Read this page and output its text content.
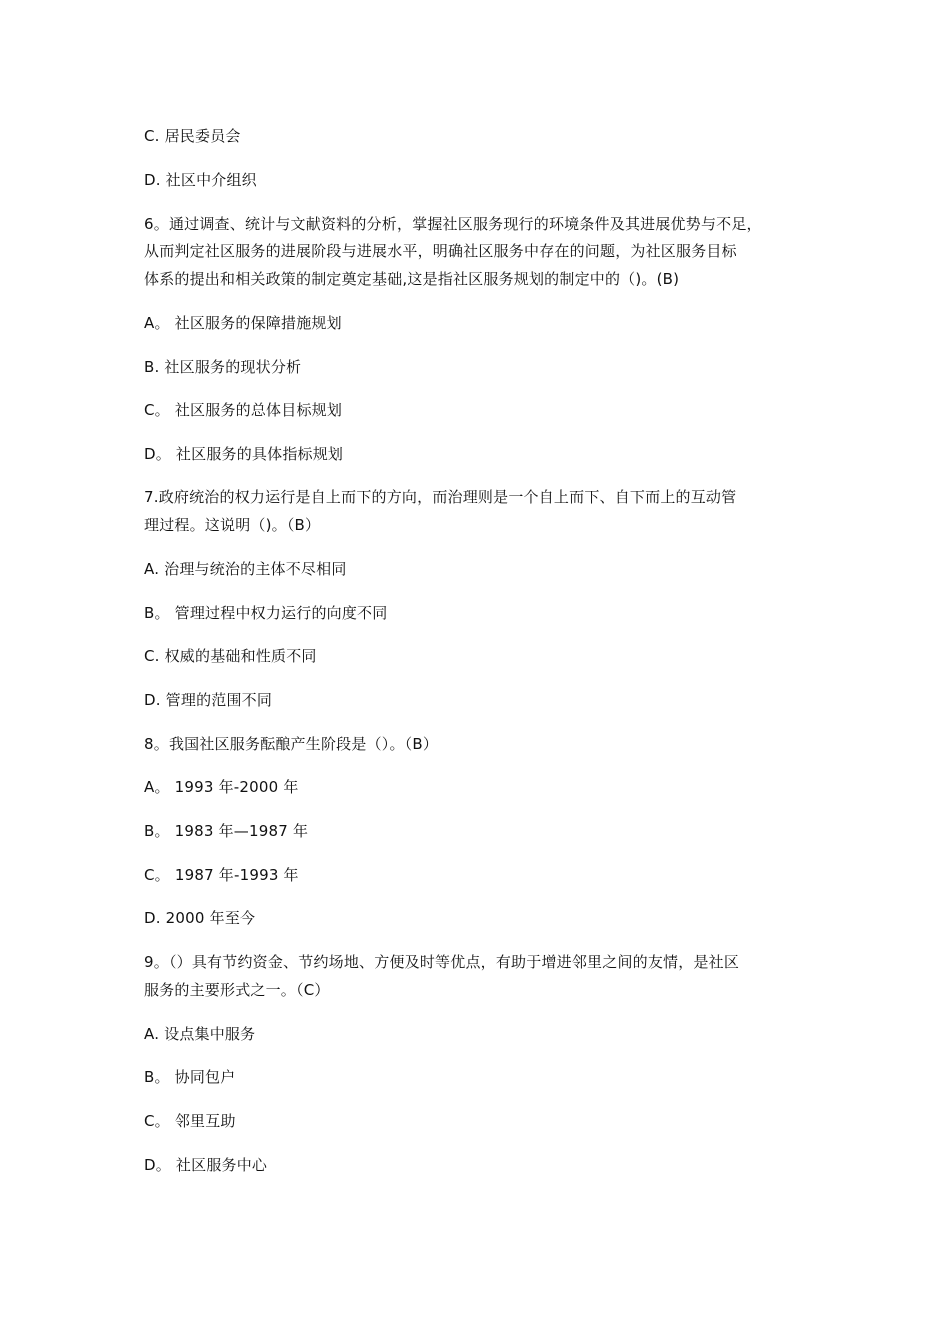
C. 居民委员会
D. 社区中介组织
6。通过调查、统计与文献资料的分析，掌握社区服务现行的环境条件及其进展优势与不足，
从而判定社区服务的进展阶段与进展水平，明确社区服务中存在的问题，为社区服务目标
体系的提出和相关政策的制定奠定基础,这是指社区服务规划的制定中的（)。(B)
A。 社区服务的保障措施规划
B. 社区服务的现状分析
C。 社区服务的总体目标规划
D。 社区服务的具体指标规划
7.政府统治的权力运行是自上而下的方向，而治理则是一个自上而下、自下而上的互动管
理过程。这说明（)。（B）
A. 治理与统治的主体不尽相同
B。 管理过程中权力运行的向度不同
C. 权威的基础和性质不同
D. 管理的范围不同
8。我国社区服务酝酿产生阶段是（）。（B）
A。 1993 年-2000 年
B。 1983 年—1987 年
C。 1987 年-1993 年
D. 2000 年至今
9。（）具有节约资金、节约场地、方便及时等优点，有助于增进邻里之间的友情，是社区
服务的主要形式之一。（C）
A. 设点集中服务
B。 协同包户
C。 邻里互助
D。 社区服务中心
